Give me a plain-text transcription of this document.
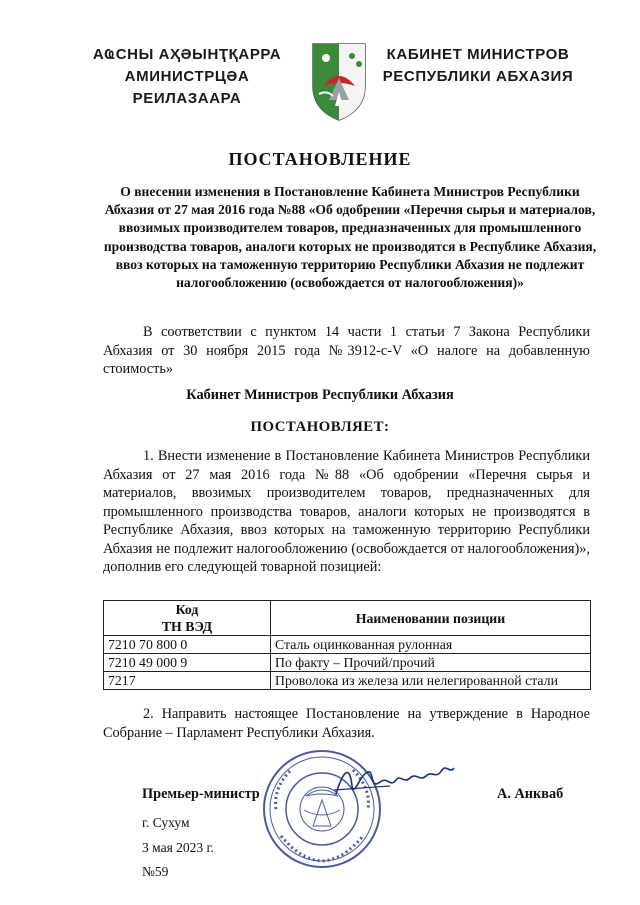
АҨСНЫ АҲӘЫНҬҚАРРА
АМИНИСТРЦӘА РЕИЛАЗААРА
КАБИНЕТ МИНИСТРОВ
РЕСПУБЛИКИ АБХАЗИЯ
ПОСТАНОВЛЕНИЕ
О внесении изменения в Постановление Кабинета Министров Республики Абхазия от 27 мая 2016 года №88 «Об одобрении «Перечня сырья и материалов, ввозимых производителем товаров, предназначенных для промышленного производства товаров, аналоги которых не производятся в Республике Абхазия, ввоз которых на таможенную территорию Республики Абхазия не подлежит налогообложению (освобождается от налогообложения)»
В соответствии с пунктом 14 части 1 статьи 7 Закона Республики Абхазия от 30 ноября 2015 года №3912-с-V «О налоге на добавленную стоимость»
Кабинет Министров Республики Абхазия
ПОСТАНОВЛЯЕТ:
1. Внести изменение в Постановление Кабинета Министров Республики Абхазия от 27 мая 2016 года №88 «Об одобрении «Перечня сырья и материалов, ввозимых производителем товаров, предназначенных для промышленного производства товаров, аналоги которых не производятся в Республике Абхазия, ввоз которых на таможенную территорию Республики Абхазия не подлежит налогообложению (освобождается от налогообложения)», дополнив его следующей товарной позицией:
Код
ТН ВЭД	Наименовании позиции
7210 70 800 0	Сталь оцинкованная рулонная
7210 49 000 9	По факту – Прочий/прочий
7217	Проволока из железа или нелегированной стали
2. Направить настоящее Постановление на утверждение в Народное Собрание – Парламент Республики Абхазия.
Премьер-министр	А. Анкваб
г. Сухум
3 мая 2023 г.
№59
